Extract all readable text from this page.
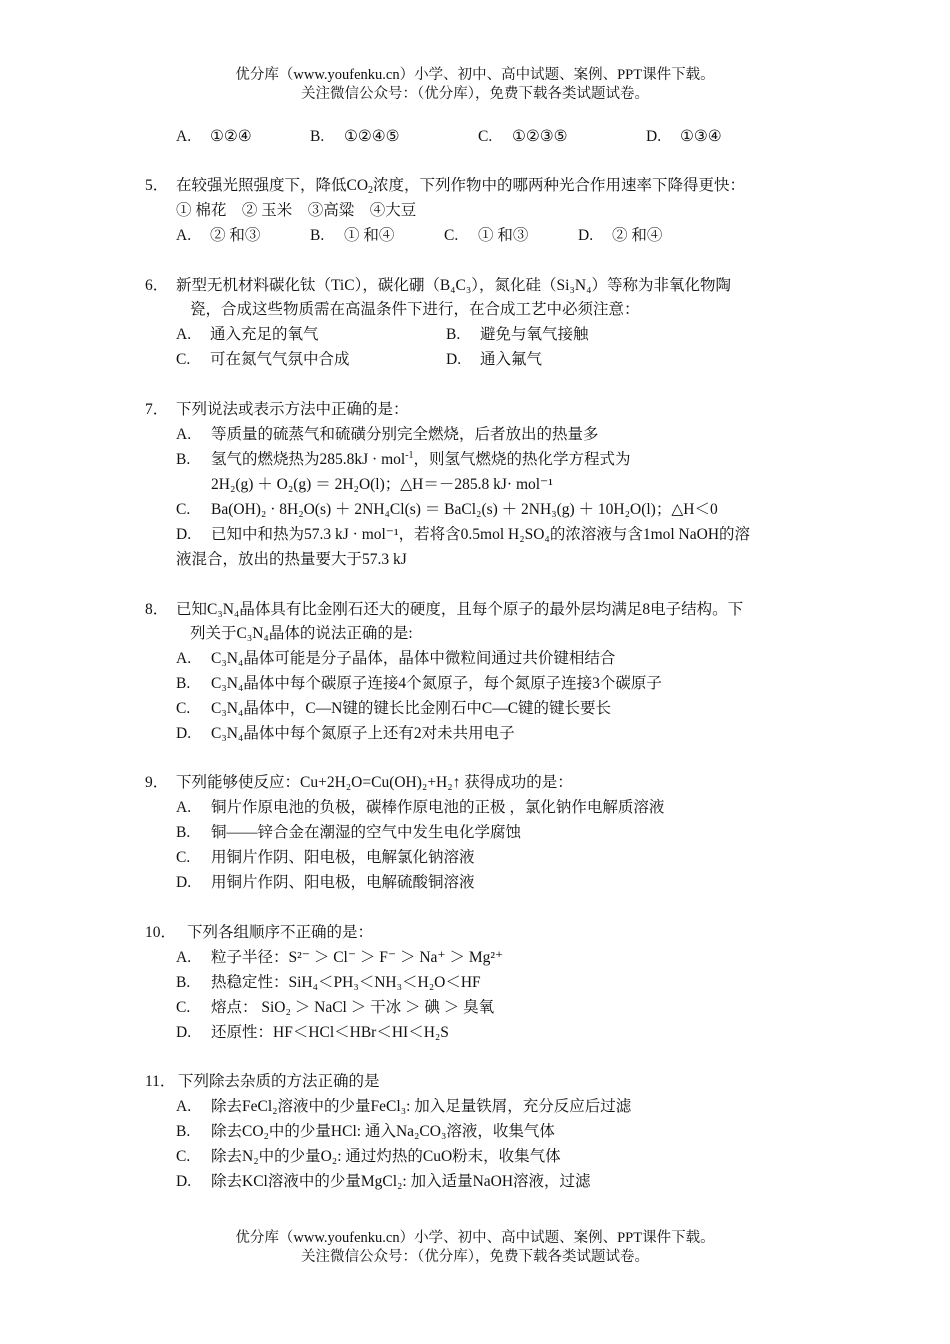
优分库（www.youfenku.cn）小学、初中、高中试题、案例、PPT课件下载。
关注微信公众号：（优分库），免费下载各类试题试卷。
A. ①②④	B. ①②④⑤	C. ①②③⑤	D. ①③④
5． 在较强光照强度下，降低$CO_2$浓度，下列作物中的哪两种光合作用速率下降得更快：
① 棉花　② 玉米　③高粱　④大豆
A. ② 和③	B. ① 和④	C. ① 和③	D. ② 和④
6． 新型无机材料碳化钛（TiC），碳化硼（B₄C₃），氮化硅（Si₃N₄）等称为非氧化物陶
瓷，合成这些物质需在高温条件下进行，在合成工艺中必须注意：
A. 通入充足的氧气	B. 避免与氧气接触
C. 可在氮气气氛中合成	D. 通入氟气
7． 下列说法或表示方法中正确的是：
A. 等质量的硫蒸气和硫磺分别完全燃烧，后者放出的热量多
B. 氢气的燃烧热为285.8kJ · mol$^{-1}$，则氢气燃烧的热化学方程式为
2H₂(g) ＋ O₂(g) ＝ 2H₂O(l)；△H＝－285.8 kJ· mol⁻¹
C. Ba(OH)₂ · 8H₂O(s) ＋ 2NH₄Cl(s) ＝ BaCl₂(s) ＋ 2NH₃(g) ＋ 10H₂O(l)；△H＜0
D. 已知中和热为57.3 kJ · mol⁻¹，若将含0.5mol H₂SO₄的浓溶液与含1mol NaOH的溶
液混合，放出的热量要大于57.3 kJ
8． 已知C₃N₄晶体具有比金刚石还大的硬度，且每个原子的最外层均满足8电子结构。下
列关于C₃N₄晶体的说法正确的是:
A. C₃N₄晶体可能是分子晶体，晶体中微粒间通过共价键相结合
B. C₃N₄晶体中每个碳原子连接4个氮原子，每个氮原子连接3个碳原子
C. C₃N₄晶体中，C—N键的键长比金刚石中C—C键的键长要长
D. C₃N₄晶体中每个氮原子上还有2对未共用电子
9． 下列能够使反应：Cu+2H₂O=Cu(OH)₂+H₂↑ 获得成功的是：
A. 铜片作原电池的负极，碳棒作原电池的正极 ，氯化钠作电解质溶液
B. 铜——锌合金在潮湿的空气中发生电化学腐蚀
C. 用铜片作阴、阳电极，电解氯化钠溶液
D. 用铜片作阴、阳电极，电解硫酸铜溶液
10． 下列各组顺序不正确的是：
A. 粒子半径：S²⁻ ＞ Cl⁻ ＞ F⁻ ＞ Na⁺ ＞ Mg²⁺
B. 热稳定性：SiH₄＜PH₃＜NH₃＜H₂O＜HF
C. 熔点： SiO₂ ＞ NaCl ＞ 干冰 ＞ 碘 ＞ 臭氧
D. 还原性：HF＜HCl＜HBr＜HI＜H₂S
11． 下列除去杂质的方法正确的是
A. 除去FeCl₂溶液中的少量FeCl₃: 加入足量铁屑，充分反应后过滤
B. 除去CO₂中的少量HCl: 通入Na₂CO₃溶液，收集气体
C. 除去N₂中的少量O₂: 通过灼热的CuO粉末，收集气体
D. 除去KCl溶液中的少量MgCl₂: 加入适量NaOH溶液，过滤
优分库（www.youfenku.cn）小学、初中、高中试题、案例、PPT课件下载。
关注微信公众号：（优分库），免费下载各类试题试卷。
